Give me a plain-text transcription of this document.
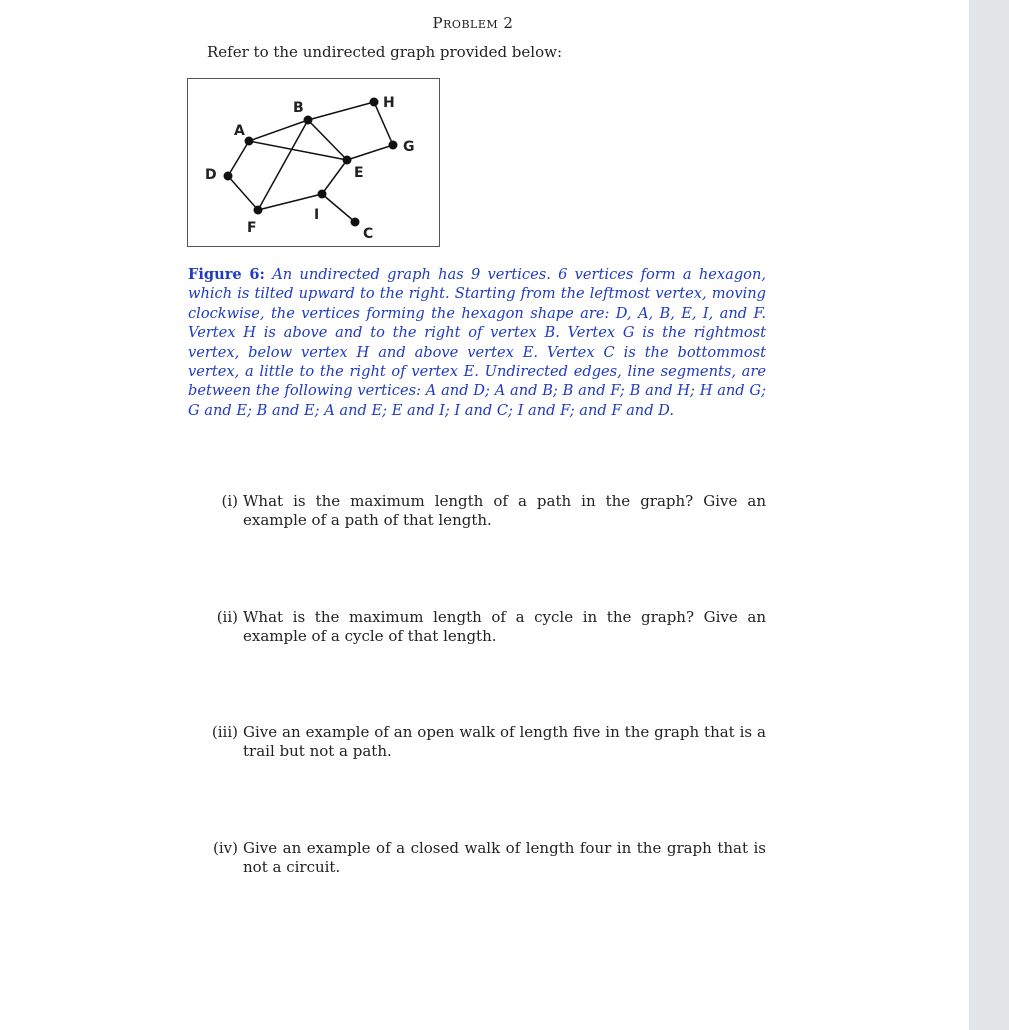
Problem 2
Refer to the undirected graph provided below:
A
B
C
D	E
F
G
H
I
Figure 6: An undirected graph has 9 vertices. 6 vertices form a hexagon, which is tilted upward to the right. Starting from the leftmost vertex, moving clockwise, the vertices forming the hexagon shape are: D, A, B, E, I, and F. Vertex H is above and to the right of vertex B. Vertex G is the rightmost vertex, below vertex H and above vertex E. Vertex C is the bottommost vertex, a little to the right of vertex E. Undirected edges, line segments, are between the following vertices: A and D; A and B; B and F; B and H; H and G; G and E; B and E; A and E; E and I; I and C; I and F; and F and D.
(i) What is the maximum length of a path in the graph? Give an example of a path of that length.
(ii) What is the maximum length of a cycle in the graph? Give an example of a cycle of that length.
(iii) Give an example of an open walk of length five in the graph that is a trail but not a path.
(iv) Give an example of a closed walk of length four in the graph that is not a circuit.
